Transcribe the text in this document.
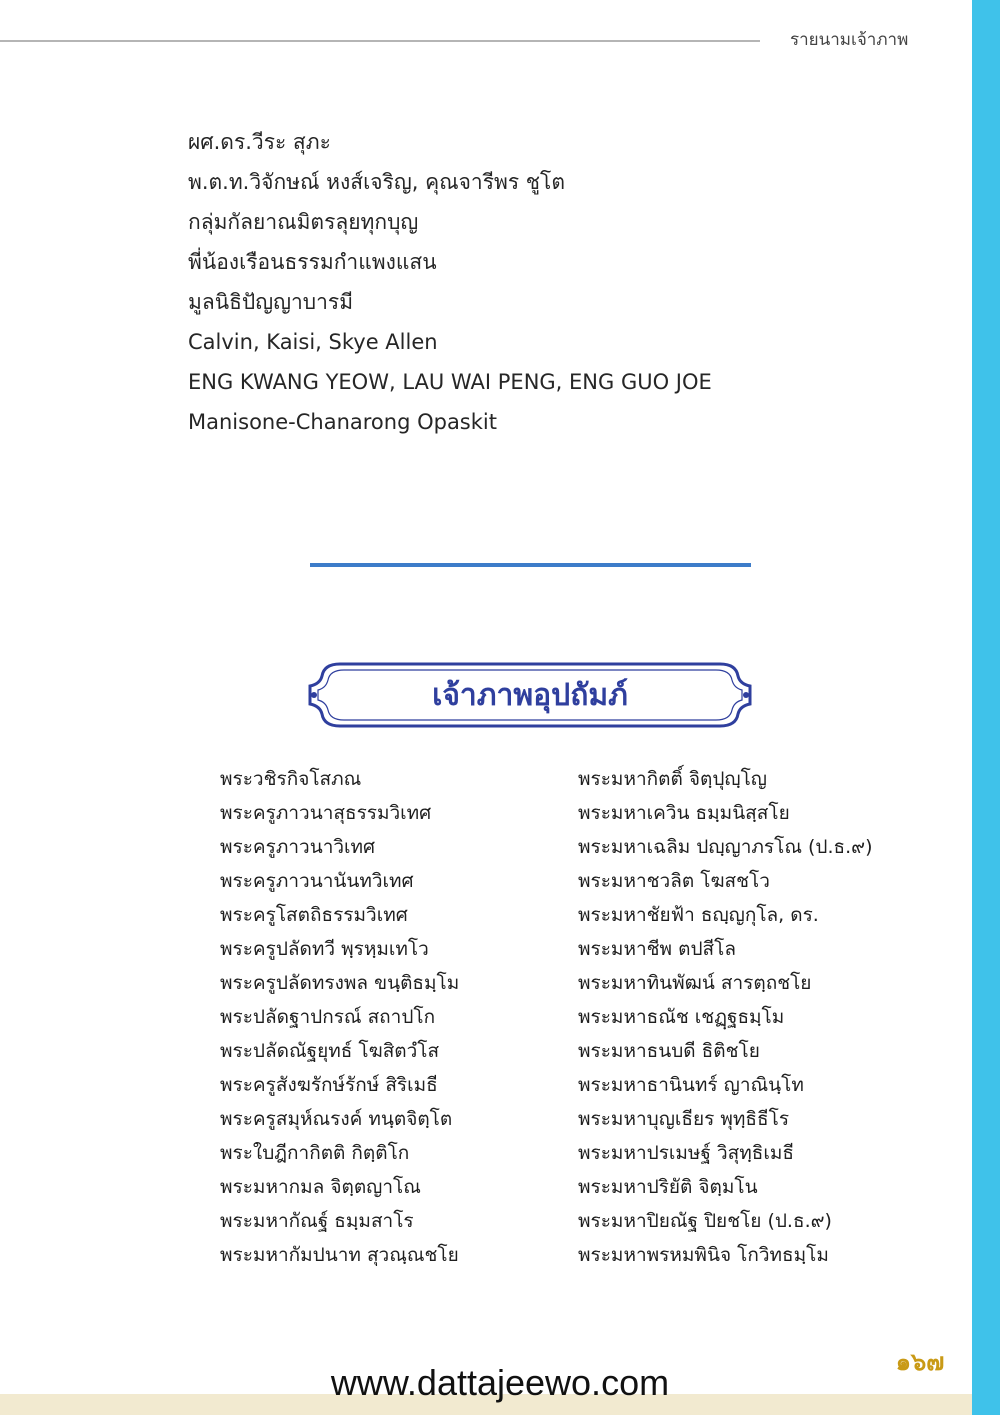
รายนามเจ้าภาพ
ผศ.ดร.วีระ สุภะ
พ.ต.ท.วิจักษณ์ หงส์เจริญ, คุณจารีพร ชูโต
กลุ่มกัลยาณมิตรลุยทุกบุญ
พี่น้องเรือนธรรมกำแพงแสน
มูลนิธิปัญญาบารมี
Calvin, Kaisi, Skye Allen
ENG KWANG YEOW, LAU WAI PENG, ENG GUO JOE
Manisone-Chanarong Opaskit
เจ้าภาพอุปถัมภ์
พระวชิรกิจโสภณ
พระครูภาวนาสุธรรมวิเทศ
พระครูภาวนาวิเทศ
พระครูภาวนานันทวิเทศ
พระครูโสตถิธรรมวิเทศ
พระครูปลัดทวี พฺรหฺมเทโว
พระครูปลัดทรงพล ขนฺติธมฺโม
พระปลัดฐาปกรณ์ สถาปโก
พระปลัดณัฐยุทธ์ โฆสิตวํโส
พระครูสังฆรักษ์รักษ์ สิริเมธี
พระครูสมุห์ณรงค์ ทนฺตจิตฺโต
พระใบฎีกากิตติ กิตฺติโก
พระมหากมล จิตฺตญาโณ
พระมหากัณฐ์ ธมฺมสาโร
พระมหากัมปนาท สุวณฺณชโย
พระมหากิตติ์ จิตฺปุญฺโญ
พระมหาเควิน ธมฺมนิสฺสโย
พระมหาเฉลิม ปญฺญาภรโณ (ป.ธ.๙)
พระมหาชวลิต โฆสชโว
พระมหาชัยฟ้า ธญฺญกุโล, ดร.
พระมหาชีพ ตปสีโล
พระมหาทินพัฒน์ สารตฺถชโย
พระมหาธณัช เชฏฺฐธมฺโม
พระมหาธนบดี ธิติชโย
พระมหาธานินทร์ ญาณินฺโท
พระมหาบุญเธียร พุทฺธิธีโร
พระมหาปรเมษฐ์ วิสุทฺธิเมธี
พระมหาปริยัติ จิตฺมโน
พระมหาปิยณัฐ ปิยชโย (ป.ธ.๙)
พระมหาพรหมพินิจ โกวิทธมฺโม
๑๖๗
www.dattajeewo.com
